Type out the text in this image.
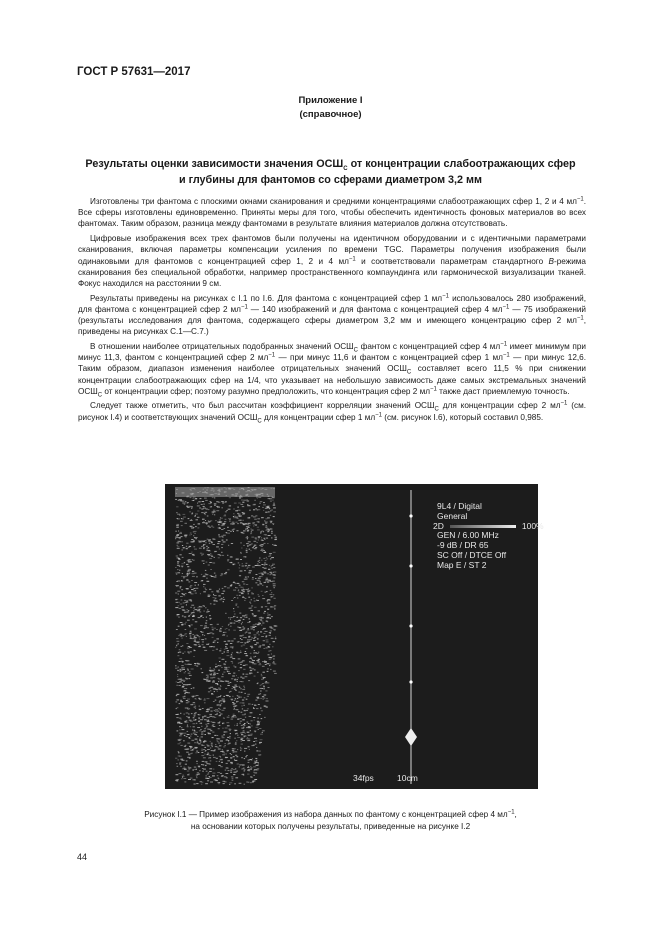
ГОСТ Р 57631—2017
Приложение I
(справочное)
Результаты оценки зависимости значения $ОСШ_С$ от концентрации слабоотражающих сфер
и глубины для фантомов со сферами диаметром 3,2 мм

Изготовлены три фантома с плоскими окнами сканирования и средними концентрациями слабоотражающих сфер 1, 2 и 4 $мл^{-1}$. Все сферы изготовлены единовременно. Приняты меры для того, чтобы обеспечить идентичность фоновых материалов во всех фантомах. Таким образом, разница между фантомами в результате влияния материалов должна отсутствовать.

Цифровые изображения всех трех фантомов были получены на идентичном оборудовании и с идентичными параметрами сканирования, включая параметры компенсации усиления по времени TGC. Параметры получения изображения были одинаковыми для фантомов с концентрацией сфер 1, 2 и 4 $мл^{-1}$ и соответствовали параметрам стандартного B-режима сканирования без специальной обработки, например пространственного компаундинга или гармонической визуализации тканей. Фокус находился на расстоянии 9 см.

Результаты приведены на рисунках с I.1 по I.6. Для фантома с концентрацией сфер 1 $мл^{-1}$ использовалось 280 изображений, для фантома с концентрацией сфер 2 $мл^{-1}$ — 140 изображений и для фантома с концентрацией сфер 4 $мл^{-1}$ — 75 изображений (результаты исследования для фантома, содержащего сферы диаметром 3,2 мм и имеющего концентрацию сфер 2 $мл^{-1}$, приведены на рисунках С.1—С.7.)

В отношении наиболее отрицательных подобранных значений $ОСШ_С$ фантом с концентрацией сфер 4 $мл^{-1}$ имеет минимум при минус 11,3, фантом с концентрацией сфер 2 $мл^{-1}$ — при минус 11,6 и фантом с концентрацией сфер 1 $мл^{-1}$ — при минус 12,6. Таким образом, диапазон изменения наиболее отрицательных значений $ОСШ_С$ составляет всего 11,5 % при снижении концентрации слабоотражающих сфер на 1/4, что указывает на небольшую зависимость даже самых экстремальных значений $ОСШ_С$ от концентрации сфер; поэтому разумно предположить, что концентрация сфер 2 $мл^{-1}$ также даст приемлемую точность.

Следует также отметить, что был рассчитан коэффициент корреляции значений $ОСШ_С$ для концентрации сфер 2 $мл^{-1}$ (см. рисунок I.4) и соответствующих значений $ОСШ_С$ для концентрации сфер 1 $мл^{-1}$ (см. рисунок I.6), который составил 0,985.

9L4 / Digital
General
2D	100%
GEN / 6.00 MHz
-9 dB / DR 65
SC Off / DTCE Off
Map E / ST 2
34fps	10cm
Рисунок I.1 — Пример изображения из набора данных по фантому с концентрацией сфер 4 $мл^{-1}$,
на основании которых получены результаты, приведенные на рисунке I.2
44
